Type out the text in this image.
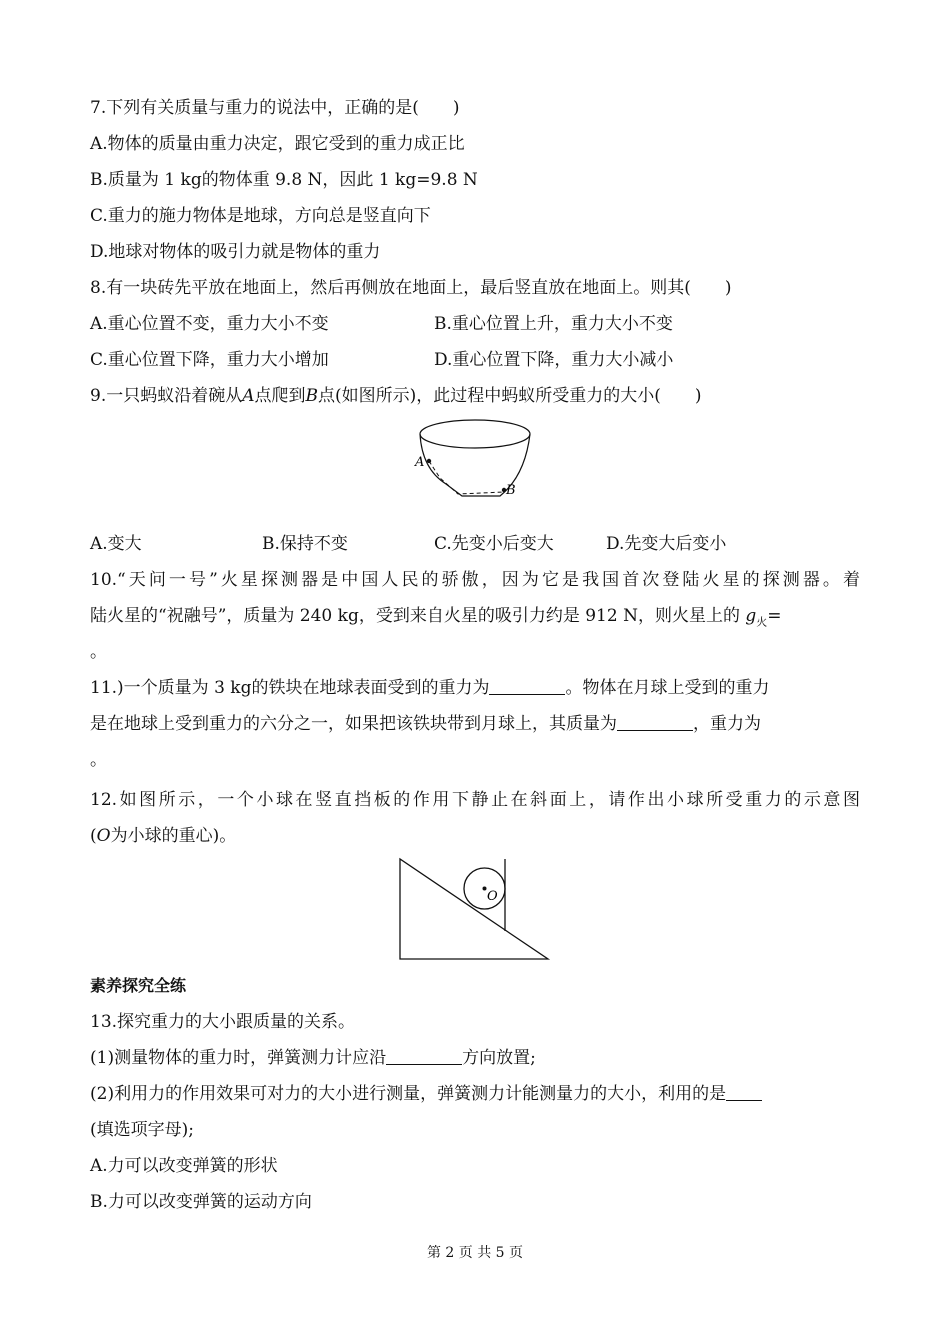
7.下列有关质量与重力的说法中，正确的是(　　)
A.物体的质量由重力决定，跟它受到的重力成正比
B.质量为 1 kg的物体重 9.8 N，因此 1 kg=9.8 N
C.重力的施力物体是地球，方向总是竖直向下
D.地球对物体的吸引力就是物体的重力
8.有一块砖先平放在地面上，然后再侧放在地面上，最后竖直放在地面上。则其(　　)
A.重心位置不变，重力大小不变	B.重心位置上升，重力大小不变
C.重心位置下降，重力大小增加	D.重心位置下降，重力大小减小
9.一只蚂蚁沿着碗从A点爬到B点(如图所示)，此过程中蚂蚁所受重力的大小(　　)
A
B
A.变大	B.保持不变	C.先变小后变大	D.先变大后变小
10.“天问一号”火星探测器是中国人民的骄傲，因为它是我国首次登陆火星的探测器。着
陆火星的“祝融号”，质量为 240 kg，受到来自火星的吸引力约是 912 N，则火星上的 $g_火=$
。
11.)一个质量为 3 kg的铁块在地球表面受到的重力为	。物体在月球上受到的重力
是在地球上受到重力的六分之一，如果把该铁块带到月球上，其质量为	，重力为
。
12.如图所示，一个小球在竖直挡板的作用下静止在斜面上，请作出小球所受重力的示意图
(O为小球的重心)。
O
素养探究全练
13.探究重力的大小跟质量的关系。
(1)测量物体的重力时，弹簧测力计应沿	方向放置;
(2)利用力的作用效果可对力的大小进行测量，弹簧测力计能测量力的大小，利用的是
(填选项字母);
A.力可以改变弹簧的形状
B.力可以改变弹簧的运动方向
第 2 页 共 5 页
